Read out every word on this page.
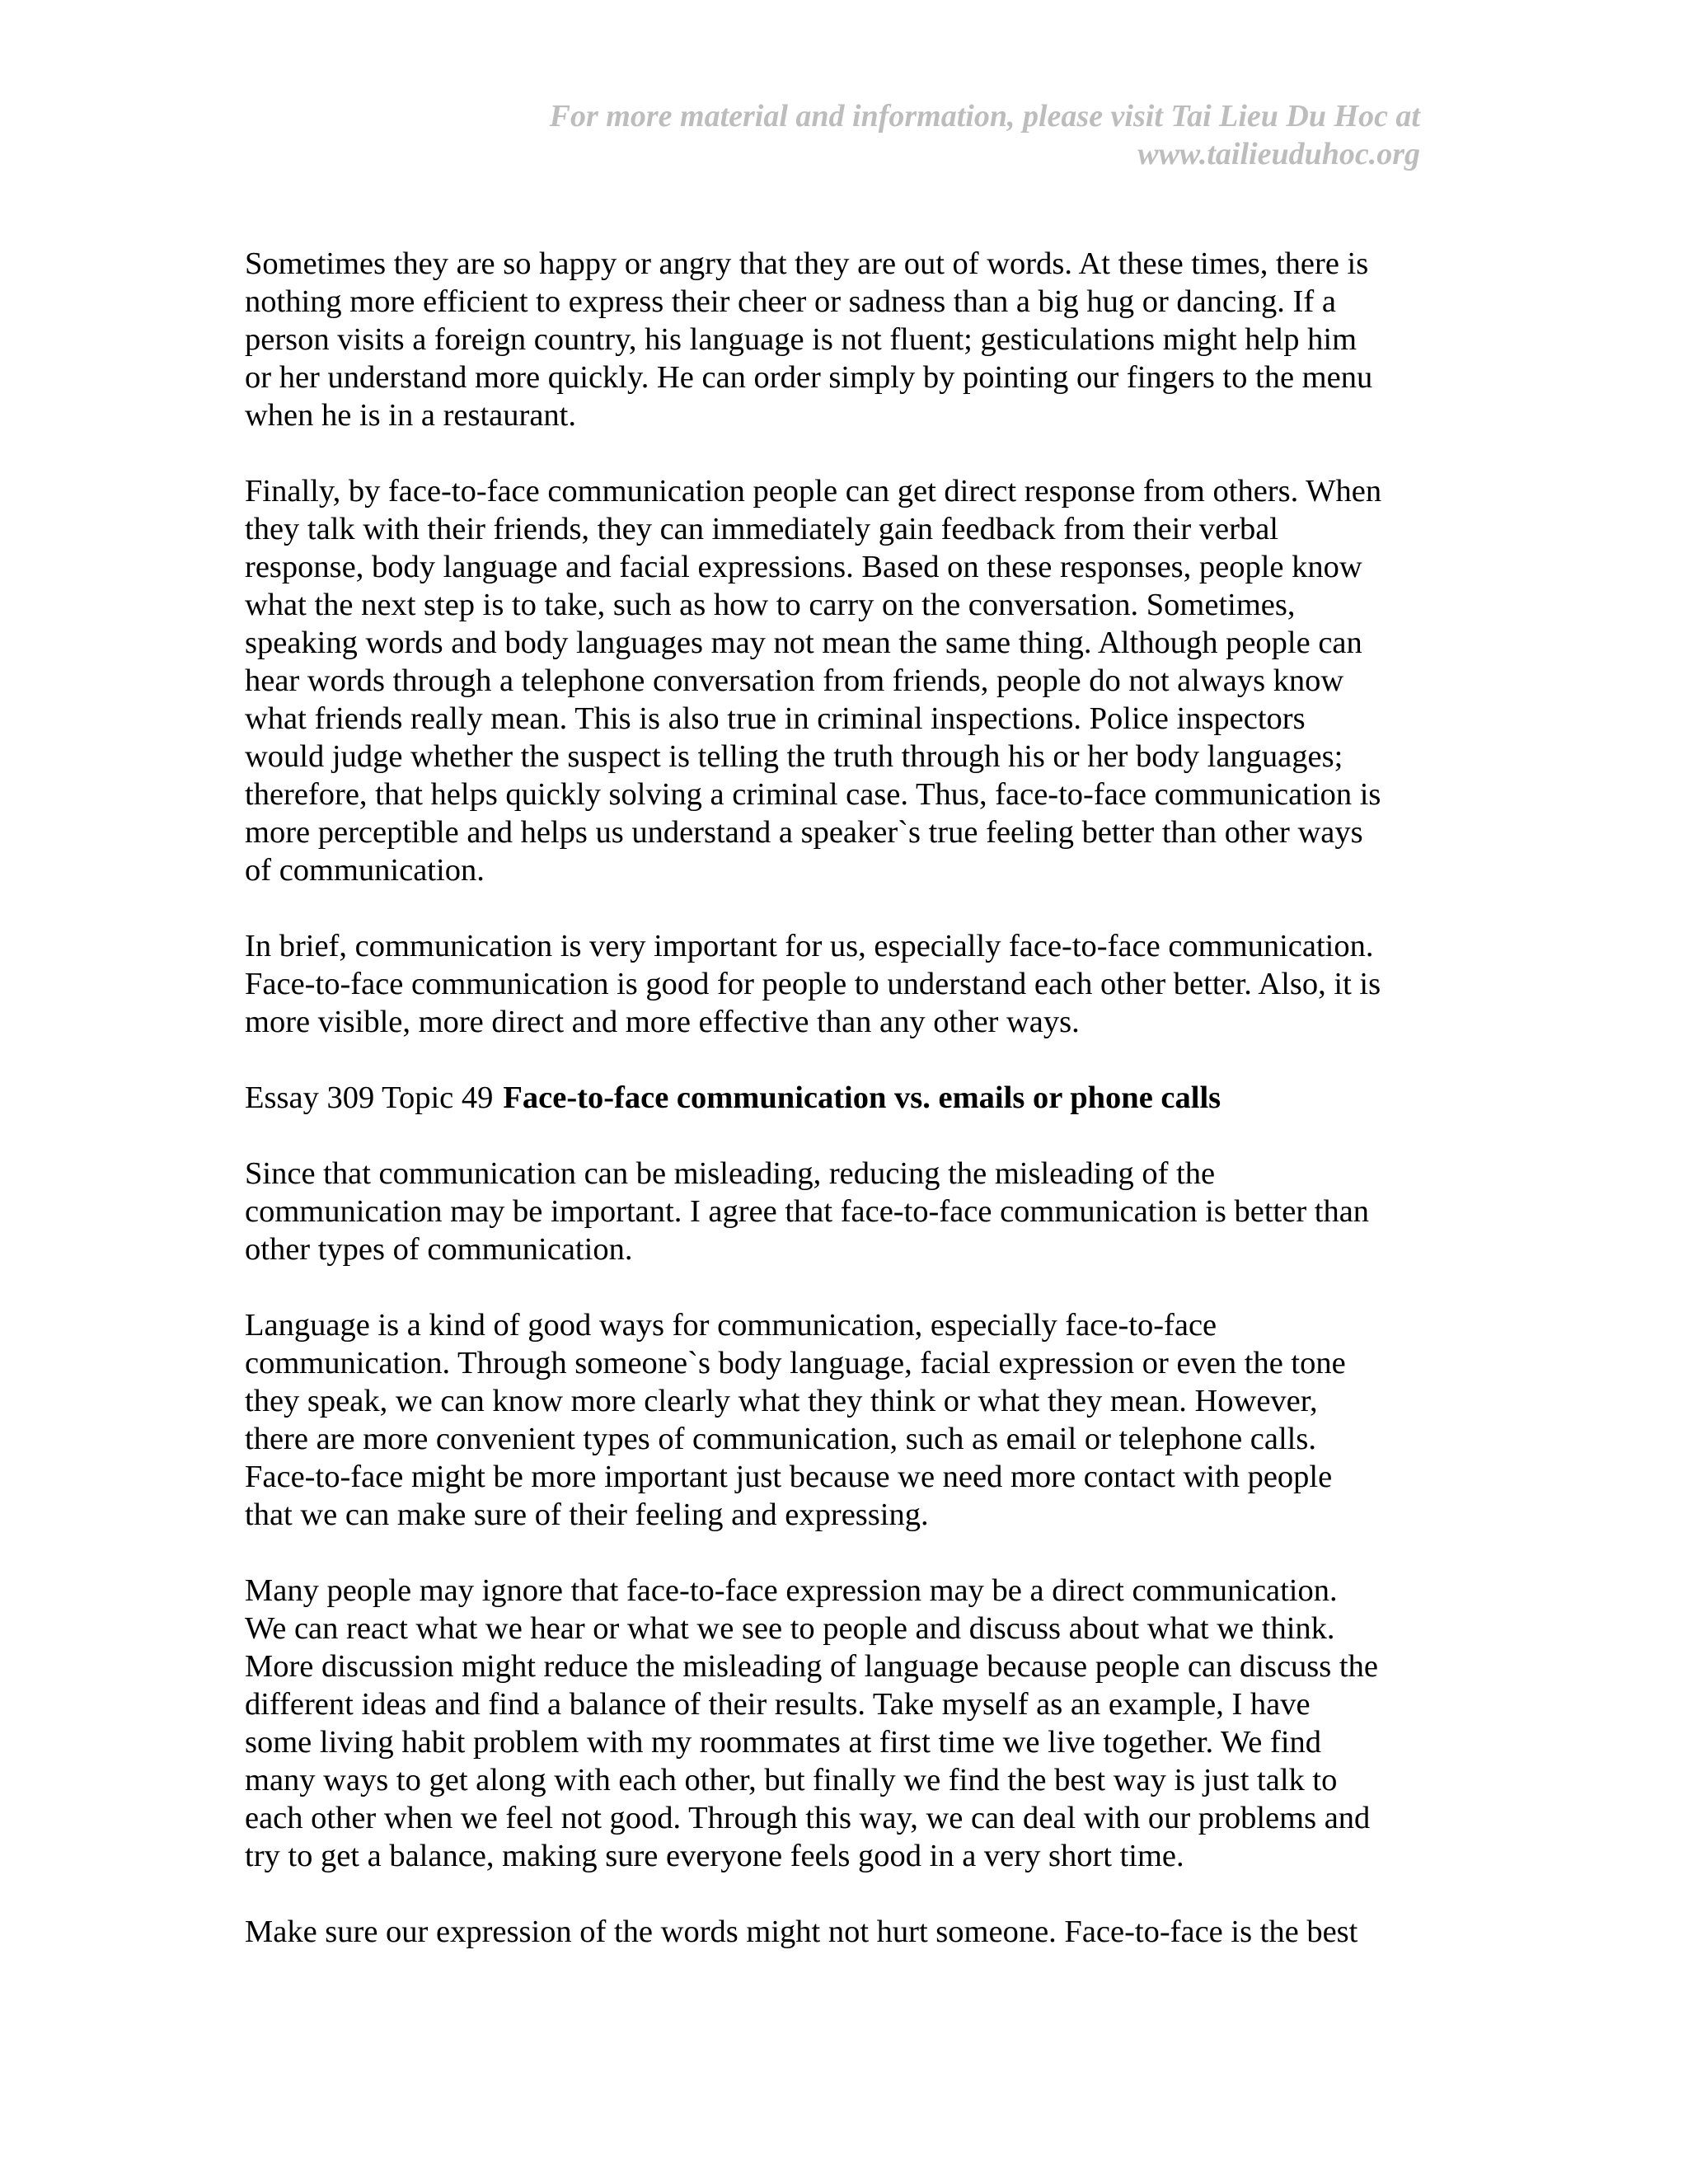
For more material and information, please visit Tai Lieu Du Hoc at
www.tailieuduhoc.org
Sometimes they are so happy or angry that they are out of words. At these times, there is
nothing more efficient to express their cheer or sadness than a big hug or dancing. If a
person visits a foreign country, his language is not fluent; gesticulations might help him
or her understand more quickly. He can order simply by pointing our fingers to the menu
when he is in a restaurant.
Finally, by face-to-face communication people can get direct response from others. When
they talk with their friends, they can immediately gain feedback from their verbal
response, body language and facial expressions. Based on these responses, people know
what the next step is to take, such as how to carry on the conversation. Sometimes,
speaking words and body languages may not mean the same thing. Although people can
hear words through a telephone conversation from friends, people do not always know
what friends really mean. This is also true in criminal inspections. Police inspectors
would judge whether the suspect is telling the truth through his or her body languages;
therefore, that helps quickly solving a criminal case. Thus, face-to-face communication is
more perceptible and helps us understand a speaker`s true feeling better than other ways
of communication.
In brief, communication is very important for us, especially face-to-face communication.
Face-to-face communication is good for people to understand each other better. Also, it is
more visible, more direct and more effective than any other ways.
Essay 309 Topic 49 Face-to-face communication vs. emails or phone calls
Since that communication can be misleading, reducing the misleading of the
communication may be important. I agree that face-to-face communication is better than
other types of communication.
Language is a kind of good ways for communication, especially face-to-face
communication. Through someone`s body language, facial expression or even the tone
they speak, we can know more clearly what they think or what they mean. However,
there are more convenient types of communication, such as email or telephone calls.
Face-to-face might be more important just because we need more contact with people
that we can make sure of their feeling and expressing.
Many people may ignore that face-to-face expression may be a direct communication.
We can react what we hear or what we see to people and discuss about what we think.
More discussion might reduce the misleading of language because people can discuss the
different ideas and find a balance of their results. Take myself as an example, I have
some living habit problem with my roommates at first time we live together. We find
many ways to get along with each other, but finally we find the best way is just talk to
each other when we feel not good. Through this way, we can deal with our problems and
try to get a balance, making sure everyone feels good in a very short time.
Make sure our expression of the words might not hurt someone. Face-to-face is the best
